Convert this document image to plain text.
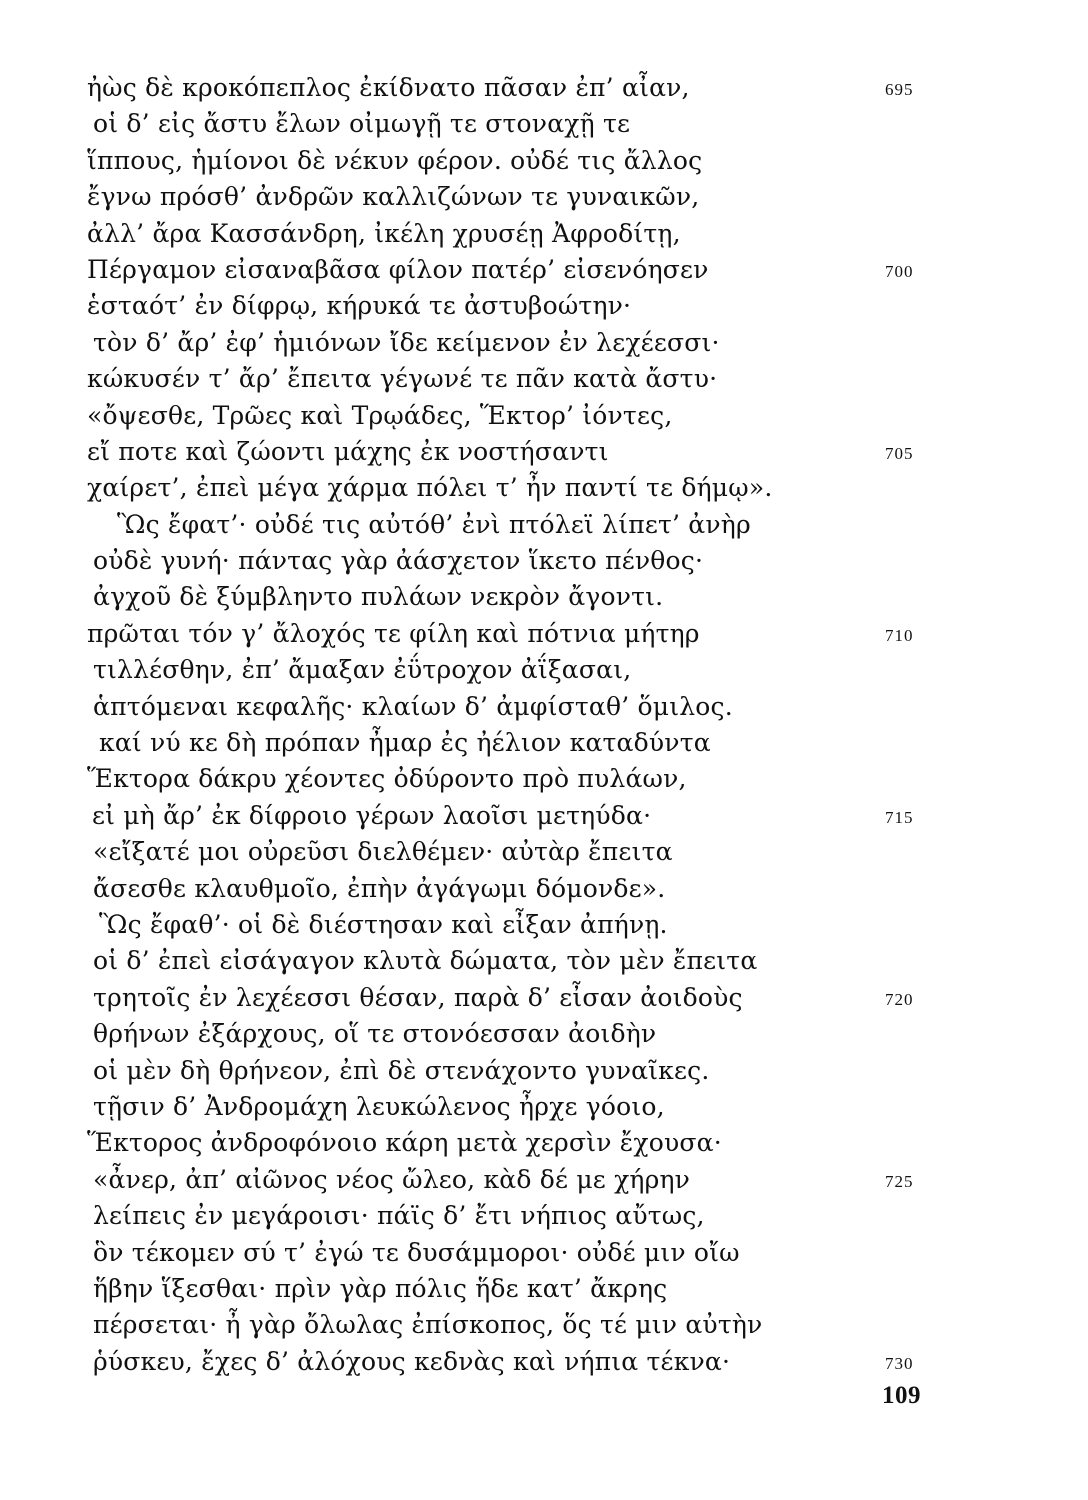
ἠὼς δὲ κροκόπεπλος ἐκίδνατο πᾶσαν ἐπ’ αἶαν,	695
οἱ δ’ εἰς ἄστυ ἔλων οἰμωγῇ τε στοναχῇ τε
ἵππους, ἡμίονοι δὲ νέκυν φέρον. οὐδέ τις ἄλλος
ἔγνω πρόσθ’ ἀνδρῶν καλλιζώνων τε γυναικῶν,
ἀλλ’ ἄρα Κασσάνδρη, ἰκέλη χρυσέῃ Ἀφροδίτῃ,
Πέργαμον εἰσαναβᾶσα φίλον πατέρ’ εἰσενόησεν	700
ἑσταότ’ ἐν δίφρῳ, κήρυκά τε ἀστυβοώτην·
τὸν δ’ ἄρ’ ἐφ’ ἡμιόνων ἴδε κείμενον ἐν λεχέεσσι·
κώκυσέν τ’ ἄρ’ ἔπειτα γέγωνέ τε πᾶν κατὰ ἄστυ·
«ὄψεσθε, Τρῶες καὶ Τρῳάδες, Ἕκτορ’ ἰόντες,
εἴ ποτε καὶ ζώοντι μάχης ἐκ νοστήσαντι	705
χαίρετ’, ἐπεὶ μέγα χάρμα πόλει τ’ ἦν παντί τε δήμῳ».
Ὣς ἔφατ’· οὐδέ τις αὐτόθ’ ἐνὶ πτόλεϊ λίπετ’ ἀνὴρ
οὐδὲ γυνή· πάντας γὰρ ἀάσχετον ἵκετο πένθος·
ἀγχοῦ δὲ ξύμβληντο πυλάων νεκρὸν ἄγοντι.
πρῶται τόν γ’ ἄλοχός τε φίλη καὶ πότνια μήτηρ	710
τιλλέσθην, ἐπ’ ἄμαξαν ἐΰτροχον ἀΐξασαι,
ἁπτόμεναι κεφαλῆς· κλαίων δ’ ἀμφίσταθ’ ὅμιλος.
καί νύ κε δὴ πρόπαν ἦμαρ ἐς ἠέλιον καταδύντα
Ἕκτορα δάκρυ χέοντες ὀδύροντο πρὸ πυλάων,
εἰ μὴ ἄρ’ ἐκ δίφροιο γέρων λαοῖσι μετηύδα·	715
«εἴξατέ μοι οὐρεῦσι διελθέμεν· αὐτὰρ ἔπειτα
ἄσεσθε κλαυθμοῖο, ἐπὴν ἀγάγωμι δόμονδε».
Ὣς ἔφαθ’· οἱ δὲ διέστησαν καὶ εἶξαν ἀπήνῃ.
οἱ δ’ ἐπεὶ εἰσάγαγον κλυτὰ δώματα, τὸν μὲν ἔπειτα
τρητοῖς ἐν λεχέεσσι θέσαν, παρὰ δ’ εἶσαν ἀοιδοὺς	720
θρήνων ἐξάρχους, οἵ τε στονόεσσαν ἀοιδὴν
οἱ μὲν δὴ θρήνεον, ἐπὶ δὲ στενάχοντο γυναῖκες.
τῇσιν δ’ Ἀνδρομάχη λευκώλενος ἦρχε γόοιο,
Ἕκτορος ἀνδροφόνοιο κάρη μετὰ χερσὶν ἔχουσα·
«ἆνερ, ἀπ’ αἰῶνος νέος ὤλεο, κὰδ δέ με χήρην	725
λείπεις ἐν μεγάροισι· πάϊς δ’ ἔτι νήπιος αὔτως,
ὃν τέκομεν σύ τ’ ἐγώ τε δυσάμμοροι· οὐδέ μιν οἴω
ἥβην ἵξεσθαι· πρὶν γὰρ πόλις ἥδε κατ’ ἄκρης
πέρσεται· ἦ γὰρ ὄλωλας ἐπίσκοπος, ὅς τέ μιν αὐτὴν
ῥύσκευ, ἔχες δ’ ἀλόχους κεδνὰς καὶ νήπια τέκνα·	730
109
